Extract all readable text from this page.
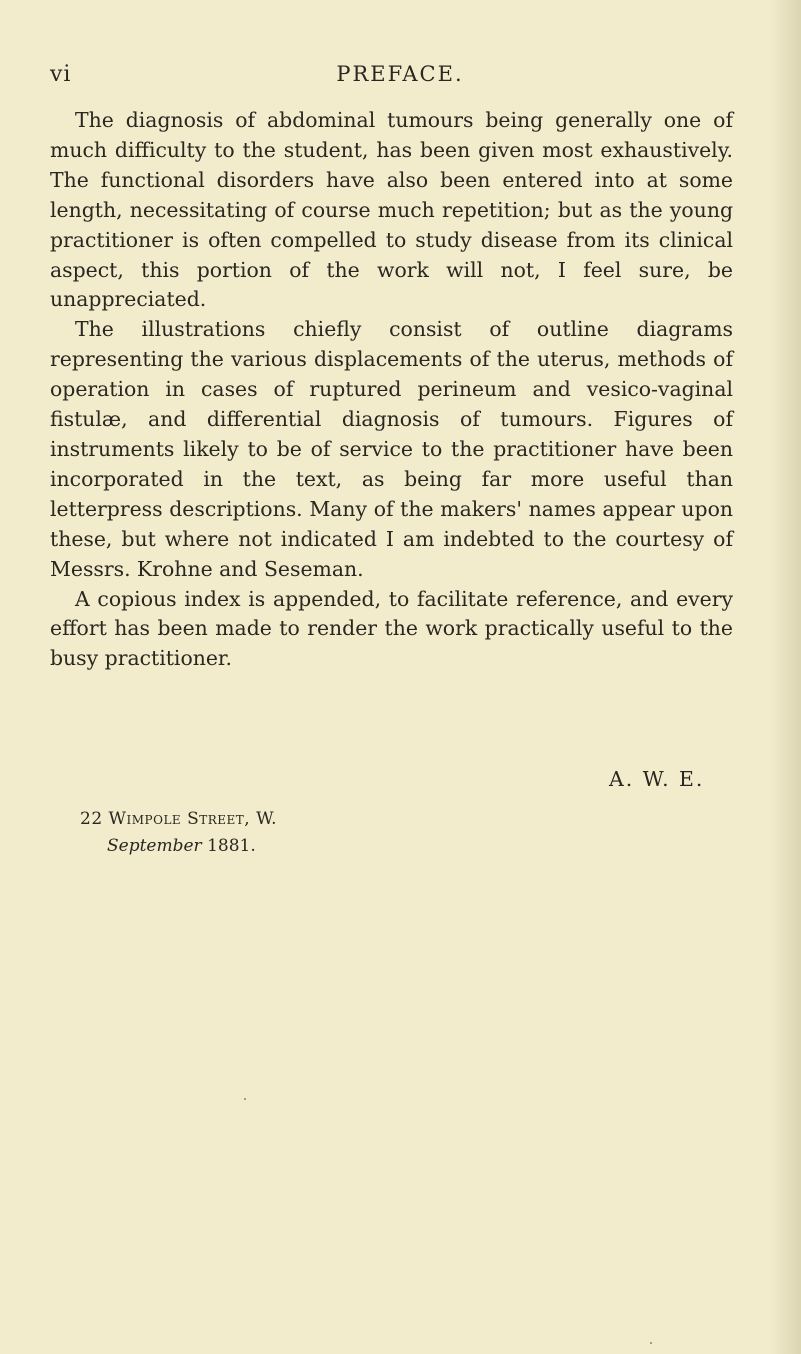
vi	PREFACE.

The diagnosis of abdominal tumours being generally one of much difficulty to the student, has been given most exhaustively. The functional disorders have also been entered into at some length, necessitating of course much repetition; but as the young practitioner is often compelled to study disease from its clinical aspect, this portion of the work will not, I feel sure, be unappreciated.

The illustrations chiefly consist of outline diagrams representing the various displacements of the uterus, methods of operation in cases of ruptured perineum and vesico-vaginal fistulæ, and differential diagnosis of tumours. Figures of instruments likely to be of service to the practitioner have been incorporated in the text, as being far more useful than letterpress descriptions. Many of the makers' names appear upon these, but where not indicated I am indebted to the courtesy of Messrs. Krohne and Seseman.

A copious index is appended, to facilitate reference, and every effort has been made to render the work practically useful to the busy practitioner.

A. W. E.
22 Wimpole Street, W.
September 1881.
